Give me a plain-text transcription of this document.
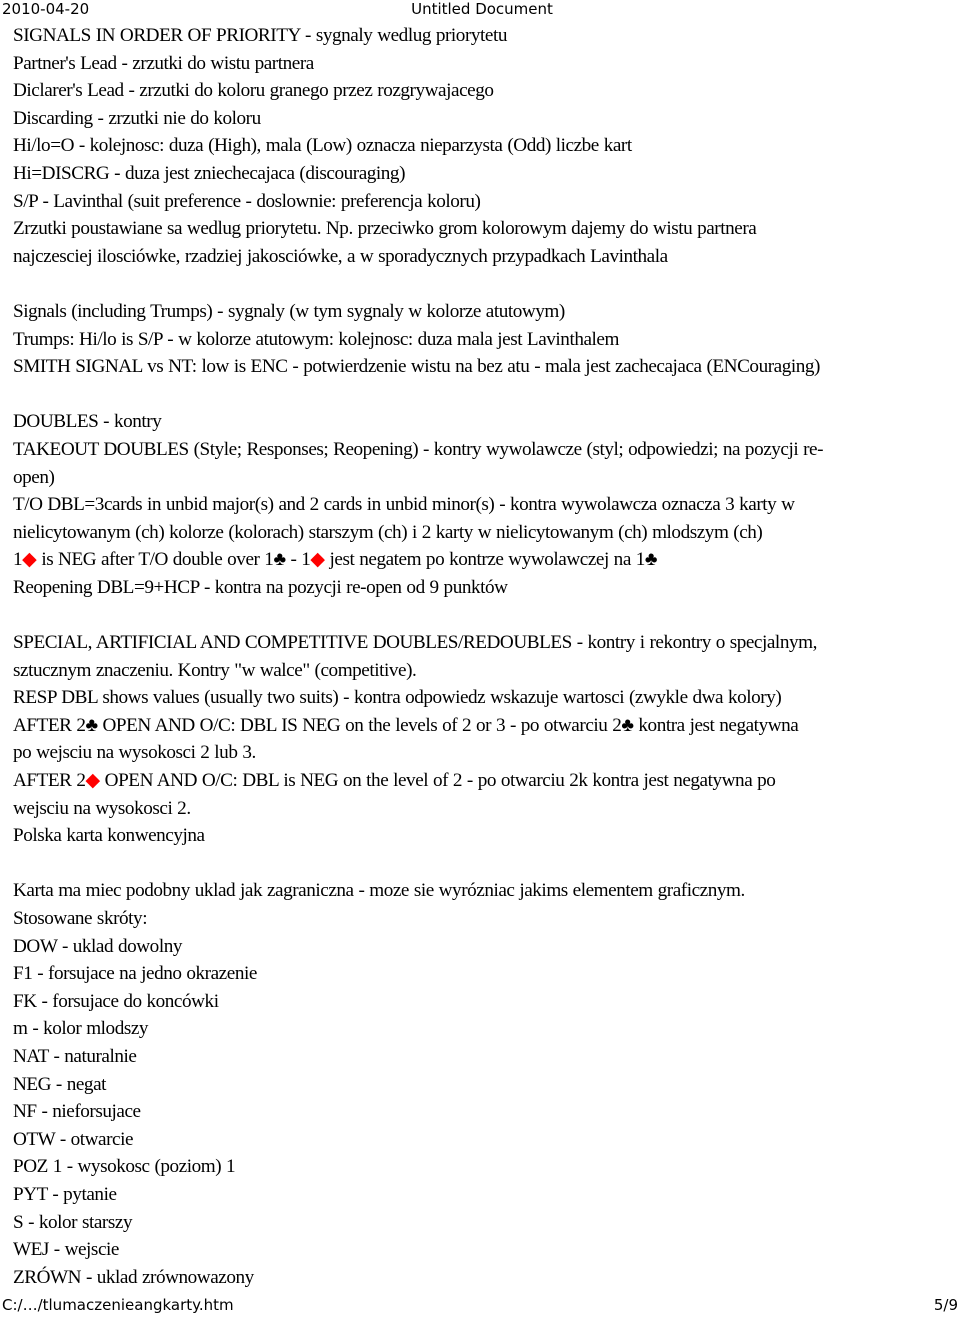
2010-04-20	Untitled Document

SIGNALS IN ORDER OF PRIORITY - sygnaly wedlug priorytetu

Partner's Lead - zrzutki do wistu partnera

Diclarer's Lead - zrzutki do koloru granego przez rozgrywajacego

Discarding - zrzutki nie do koloru

Hi/lo=O - kolejnosc: duza (High), mala (Low) oznacza nieparzysta (Odd) liczbe kart

Hi=DISCRG - duza jest zniechecajaca (discouraging)

S/P - Lavinthal (suit preference - doslownie: preferencja koloru)

Zrzutki poustawiane sa wedlug priorytetu. Np. przeciwko grom kolorowym dajemy do wistu partnera

najczesciej ilosciówke, rzadziej jakosciówke, a w sporadycznych przypadkach Lavinthala

Signals (including Trumps) - sygnaly (w tym sygnaly w kolorze atutowym)

Trumps: Hi/lo is S/P - w kolorze atutowym: kolejnosc: duza mala jest Lavinthalem

SMITH SIGNAL vs NT: low is ENC - potwierdzenie wistu na bez atu - mala jest zachecajaca (ENCouraging)

DOUBLES - kontry

TAKEOUT DOUBLES (Style; Responses; Reopening) - kontry wywolawcze (styl; odpowiedzi; na pozycji re-

open)

T/O DBL=3cards in unbid major(s) and 2 cards in unbid minor(s) - kontra wywolawcza oznacza 3 karty w

nielicytowanym (ch) kolorze (kolorach) starszym (ch) i 2 karty w nielicytowanym (ch) mlodszym (ch)

1◆ is NEG after T/O double over 1♣ - 1◆ jest negatem po kontrze wywolawczej na 1♣

Reopening DBL=9+HCP - kontra na pozycji re-open od 9 punktów

SPECIAL, ARTIFICIAL AND COMPETITIVE DOUBLES/REDOUBLES - kontry i rekontry o specjalnym,

sztucznym znaczeniu. Kontry "w walce" (competitive).

RESP DBL shows values (usually two suits) - kontra odpowiedz wskazuje wartosci (zwykle dwa kolory)

AFTER 2♣ OPEN AND O/C: DBL IS NEG on the levels of 2 or 3 - po otwarciu 2♣ kontra jest negatywna

po wejsciu na wysokosci 2 lub 3.

AFTER 2◆ OPEN AND O/C: DBL is NEG on the level of 2 - po otwarciu 2k kontra jest negatywna po

wejsciu na wysokosci 2.

Polska karta konwencyjna

Karta ma miec podobny uklad jak zagraniczna - moze sie wyrózniac jakims elementem graficznym.

Stosowane skróty:

DOW - uklad dowolny

F1 - forsujace na jedno okrazenie

FK - forsujace do koncówki

m - kolor mlodszy

NAT - naturalnie

NEG - negat

NF - nieforsujace

OTW - otwarcie

POZ 1 - wysokosc (poziom) 1

PYT - pytanie

S - kolor starszy

WEJ - wejscie

ZRÓWN - uklad zrównowazony

C:/…/tlumaczenieangkarty.htm	5/9
